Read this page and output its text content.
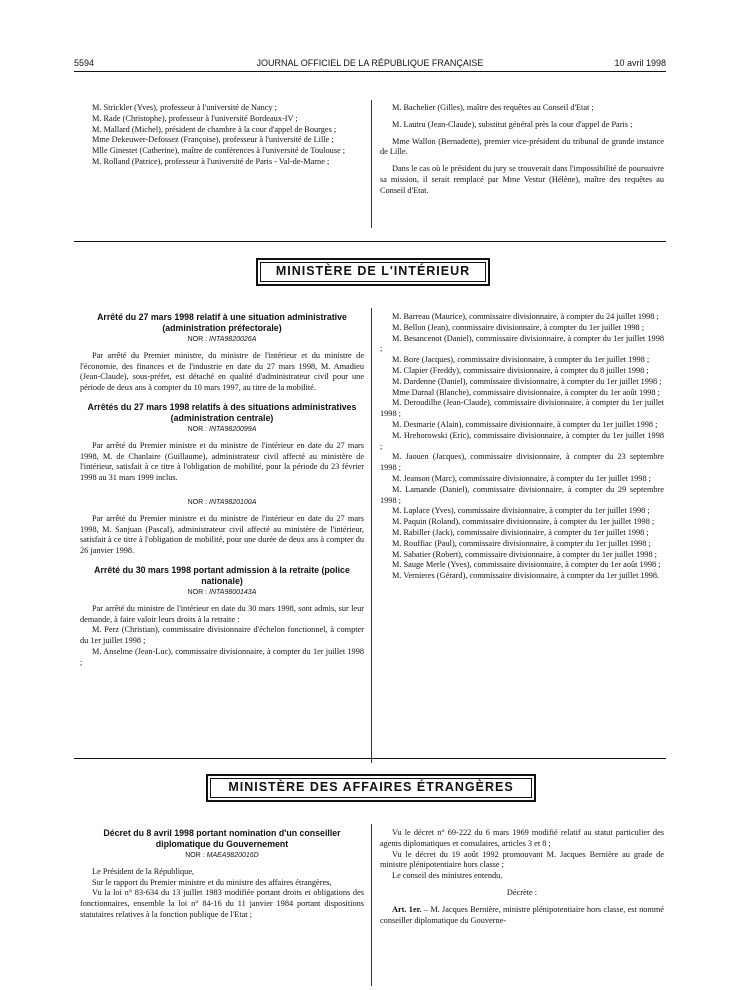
5594	JOURNAL OFFICIEL DE LA RÉPUBLIQUE FRANÇAISE	10 avril 1998

M. Strickler (Yves), professeur à l'université de Nancy ;

M. Rade (Christophe), professeur à l'université Bordeaux-IV ;

M. Mallard (Michel), président de chambre à la cour d'appel de Bourges ;

Mme Dekeuwer-Defossez (Françoise), professeur à l'université de Lille ;

Mlle Ginestet (Catherine), maître de conférences à l'université de Toulouse ;

M. Rolland (Patrice), professeur à l'université de Paris - Val-de-Marne ;

M. Bachelier (Gilles), maître des requêtes au Conseil d'Etat ;

M. Lautru (Jean-Claude), substitut général près la cour d'appel de Paris ;

Mme Wallon (Bernadette), premier vice-président du tribunal de grande instance de Lille.

Dans le cas où le président du jury se trouverait dans l'impossibilité de poursuivre sa mission, il serait remplacé par Mme Vestur (Hélène), maître des requêtes au Conseil d'Etat.

MINISTÈRE DE L'INTÉRIEUR

Arrêté du 27 mars 1998 relatif à une situation administrative (administration préfectorale)

NOR : INTA9820026A

Par arrêté du Premier ministre, du ministre de l'intérieur et du ministre de l'économie, des finances et de l'industrie en date du 27 mars 1998, M. Amadieu (Jean-Claude), sous-préfet, est détaché en qualité d'administrateur civil pour une période de deux ans à compter du 10 mars 1997, au titre de la mobilité.

Arrêtés du 27 mars 1998 relatifs à des situations administratives (administration centrale)

NOR : INTA9820099A

Par arrêté du Premier ministre et du ministre de l'intérieur en date du 27 mars 1998, M. de Chanlaire (Guillaume), administrateur civil affecté au ministère de l'intérieur, satisfait à ce titre à l'obligation de mobilité, pour la période du 23 février 1998 au 31 mars 1999 inclus.

NOR : INTA9820100A

Par arrêté du Premier ministre et du ministre de l'intérieur en date du 27 mars 1998, M. Sanjuan (Pascal), administrateur civil affecté au ministère de l'intérieur, satisfait à ce titre à l'obligation de mobilité, pour une durée de deux ans à compter du 26 janvier 1998.

Arrêté du 30 mars 1998 portant admission à la retraite (police nationale)

NOR : INTA9800143A

Par arrêté du ministre de l'intérieur en date du 30 mars 1998, sont admis, sur leur demande, à faire valoir leurs droits à la retraite :

M. Perz (Christian), commissaire divisionnaire d'échelon fonctionnel, à compter du 1er juillet 1998 ;

M. Anselme (Jean-Luc), commissaire divisionnaire, à compter du 1er juillet 1998 ;

M. Barreau (Maurice), commissaire divisionnaire, à compter du 24 juillet 1998 ;

M. Bellon (Jean), commissaire divisionnaire, à compter du 1er juillet 1998 ;

M. Besancenot (Daniel), commissaire divisionnaire, à compter du 1er juillet 1998 ;

M. Bore (Jacques), commissaire divisionnaire, à compter du 1er juillet 1998 ;

M. Clapier (Freddy), commissaire divisionnaire, à compter du 8 juillet 1998 ;

M. Dardenne (Daniel), commissaire divisionnaire, à compter du 1er juillet 1998 ;

Mme Darnal (Blanche), commissaire divisionnaire, à compter du 1er août 1998 ;

M. Deroudilhe (Jean-Claude), commissaire divisionnaire, à compter du 1er juillet 1998 ;

M. Desmarie (Alain), commissaire divisionnaire, à compter du 1er juillet 1998 ;

M. Hrehorowski (Eric), commissaire divisionnaire, à compter du 1er juillet 1998 ;

M. Jaouen (Jacques), commissaire divisionnaire, à compter du 23 septembre 1998 ;

M. Jeanson (Marc), commissaire divisionnaire, à compter du 1er juillet 1998 ;

M. Lamande (Daniel), commissaire divisionnaire, à compter du 29 septembre 1998 ;

M. Laplace (Yves), commissaire divisionnaire, à compter du 1er juillet 1998 ;

M. Paquin (Roland), commissaire divisionnaire, à compter du 1er juillet 1998 ;

M. Rabiller (Jack), commissaire divisionnaire, à compter du 1er juillet 1998 ;

M. Rouffiac (Paul), commissaire divisionnaire, à compter du 1er juillet 1998 ;

M. Sabatier (Robert), commissaire divisionnaire, à compter du 1er juillet 1998 ;

M. Sauge Merle (Yves), commissaire divisionnaire, à compter du 1er août 1998 ;

M. Vernieres (Gérard), commissaire divisionnaire, à compter du 1er juillet 1998.

MINISTÈRE DES AFFAIRES ÉTRANGÈRES

Décret du 8 avril 1998 portant nomination d'un conseiller diplomatique du Gouvernement

NOR : MAEA9820016D

Le Président de la République,

Sur le rapport du Premier ministre et du ministre des affaires étrangères,

Vu la loi n° 83-634 du 13 juillet 1983 modifiée portant droits et obligations des fonctionnaires, ensemble la loi n° 84-16 du 11 janvier 1984 portant dispositions statutaires relatives à la fonction publique de l'Etat ;

Vu le décret n° 69-222 du 6 mars 1969 modifié relatif au statut particulier des agents diplomatiques et consulaires, articles 3 et 8 ;

Vu le décret du 19 août 1992 promouvant M. Jacques Bernière au grade de ministre plénipotentiaire hors classe ;

Le conseil des ministres entendu,

Décrète :

Art. 1er. – M. Jacques Bernière, ministre plénipotentiaire hors classe, est nommé conseiller diplomatique du Gouverne-
